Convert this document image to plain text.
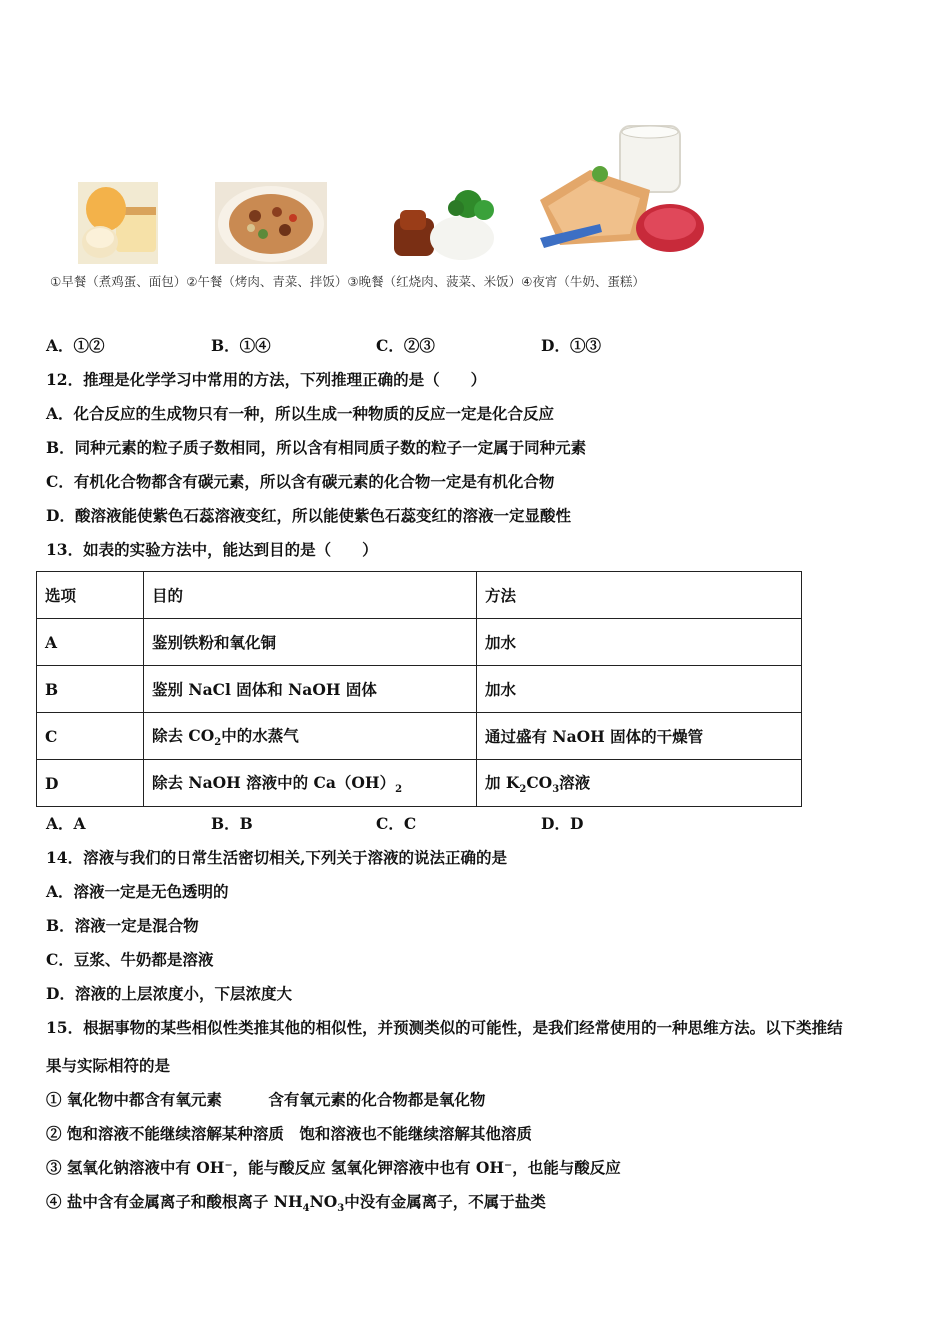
①早餐（煮鸡蛋、面包）②午餐（烤肉、青菜、拌饭）③晚餐（红烧肉、菠菜、米饭）④夜宵（牛奶、蛋糕）
A．①②	B．①④	C．②③	D．①③
12．推理是化学学习中常用的方法，下列推理正确的是（　　）
A．化合反应的生成物只有一种，所以生成一种物质的反应一定是化合反应
B．同种元素的粒子质子数相同，所以含有相同质子数的粒子一定属于同种元素
C．有机化合物都含有碳元素，所以含有碳元素的化合物一定是有机化合物
D．酸溶液能使紫色石蕊溶液变红，所以能使紫色石蕊变红的溶液一定显酸性
13．如表的实验方法中，能达到目的是（　　）
选项	目的	方法
A	鉴别铁粉和氧化铜	加水
B	鉴别 NaCl 固体和 NaOH 固体	加水
C	除去 $CO_2$中的水蒸气	通过盛有 NaOH 固体的干燥管
D	除去 NaOH 溶液中的 $Ca(OH)_2$	加 $K_2CO_3$溶液
A．A	B．B	C．C	D．D
14．溶液与我们的日常生活密切相关,下列关于溶液的说法正确的是
A．溶液一定是无色透明的
B．溶液一定是混合物
C．豆浆、牛奶都是溶液
D．溶液的上层浓度小，下层浓度大
15．根据事物的某些相似性类推其他的相似性，并预测类似的可能性，是我们经常使用的一种思维方法。以下类推结
果与实际相符的是
① 氧化物中都含有氧元素　　　含有氧元素的化合物都是氧化物
② 饱和溶液不能继续溶解某种溶质　饱和溶液也不能继续溶解其他溶质
③ 氢氧化钠溶液中有 OH⁻，能与酸反应 氢氧化钾溶液中也有 OH⁻，也能与酸反应
④ 盐中含有金属离子和酸根离子 $NH_4NO_3$中没有金属离子，不属于盐类
